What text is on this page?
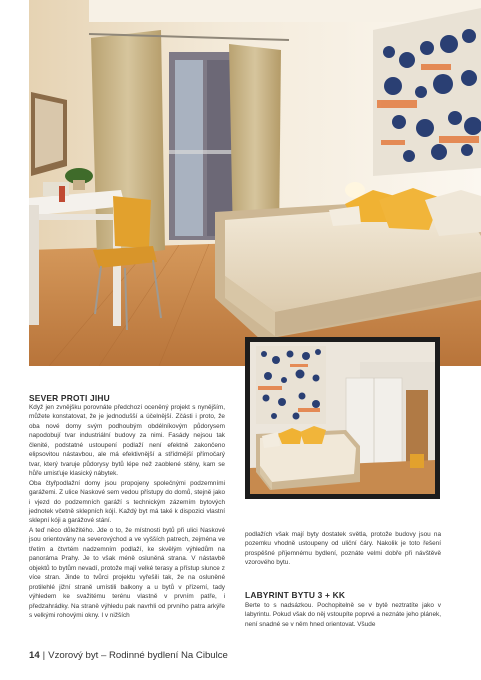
SEVER PROTI JIHU

Když jen zvnějšku porovnáte předchozí oceněný projekt s nynějším, můžete konstatovat, že je jednodušší a účelnější. Zčásti i proto, že oba nové domy svým podhoubým obdélníkovým půdorysem napodobují tvar industriální budovy za nimi. Fasády nejsou tak členité, podstatné ustoupení podlaží není efektně zakončeno elipsovitou nástavbou, ale má efektivnější a střídmější přímočarý tvar, který tvaruje půdorysy bytů lépe než zaoblené stěny, kam se hůře umisťuje klasický nábytek.

Oba čtyřpodlažní domy jsou propojeny společnými podzemními garážemi. Z ulice Naskové sem vedou přístupy do domů, stejně jako i vjezd do podzemních garáží s technickým zázemím bytových jednotek včetně sklepních kójí. Každý byt má také k dispozici vlastní sklepní kóji a garážové stání.

A teď něco důležitého. Jde o to, že místnosti bytů při ulici Naskové jsou orientovány na severovýchod a ve vyšších patrech, zejména ve třetím a čtvrtém nadzemním podlaží, ke skvělým výhledům na panoráma Prahy. Je to však méně osluněná strana. V nástavbě objektů to bytům nevadí, protože mají velké terasy a přístup slunce z více stran. Jinde to tvůrci projektu vyřešili tak, že na osluněné protilehlé jižní straně umístili balkony a u bytů v přízemí, tady výhledem ke svažitému terénu vlastně v prvním patře, i předzahrádky. Na straně výhledu pak navrhli od prvního patra arkýře s velkými rohovými okny. I v nižších

podlažích však mají byty dostatek světla, protože budovy jsou na pozemku vhodně ustoupeny od uliční čáry. Nakolik je toto řešení prospěšné příjemnému bydlení, poznáte velmi dobře při návštěvě vzorového bytu.

LABYRINT BYTU 3 + KK

Berte to s nadsázkou. Pochopitelně se v bytě neztratíte jako v labyrintu. Pokud však do něj vstoupíte poprvé a neznáte jeho plánek, není snadné se v něm hned orientovat. Všude

14 | Vzorový byt – Rodinné bydlení Na Cibulce
